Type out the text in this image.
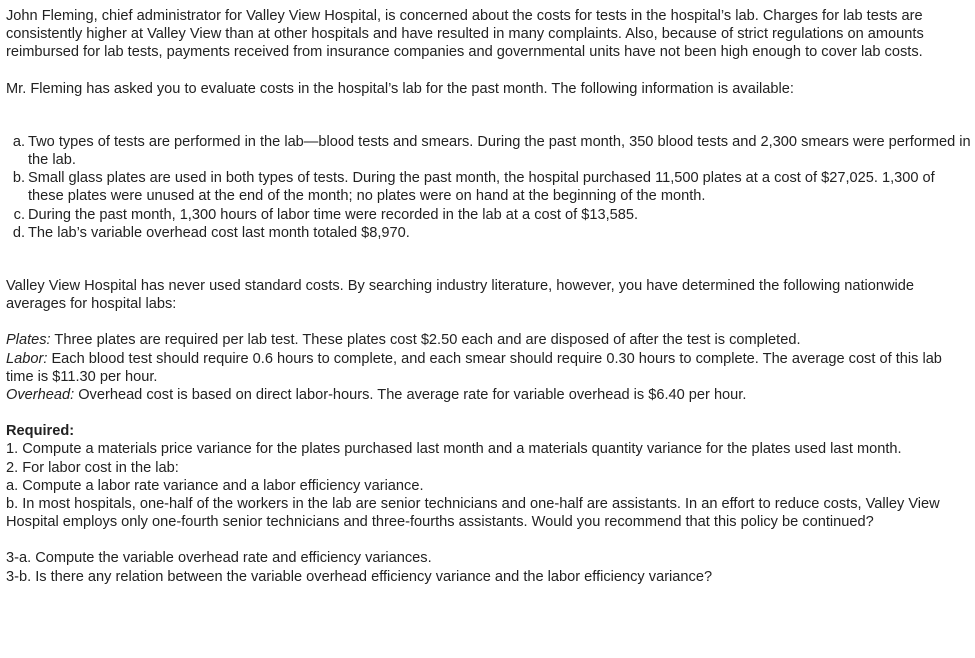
John Fleming, chief administrator for Valley View Hospital, is concerned about the costs for tests in the hospital’s lab. Charges for lab tests are consistently higher at Valley View than at other hospitals and have resulted in many complaints. Also, because of strict regulations on amounts reimbursed for lab tests, payments received from insurance companies and governmental units have not been high enough to cover lab costs.

Mr. Fleming has asked you to evaluate costs in the hospital’s lab for the past month. The following information is available:

a. Two types of tests are performed in the lab—blood tests and smears. During the past month, 350 blood tests and 2,300 smears were performed in the lab.
b. Small glass plates are used in both types of tests. During the past month, the hospital purchased 11,500 plates at a cost of $27,025. 1,300 of these plates were unused at the end of the month; no plates were on hand at the beginning of the month.
c. During the past month, 1,300 hours of labor time were recorded in the lab at a cost of $13,585.
d. The lab’s variable overhead cost last month totaled $8,970.

Valley View Hospital has never used standard costs. By searching industry literature, however, you have determined the following nationwide averages for hospital labs:

Plates: Three plates are required per lab test. These plates cost $2.50 each and are disposed of after the test is completed.

Labor: Each blood test should require 0.6 hours to complete, and each smear should require 0.30 hours to complete. The average cost of this lab time is $11.30 per hour.

Overhead: Overhead cost is based on direct labor-hours. The average rate for variable overhead is $6.40 per hour.

Required:

1. Compute a materials price variance for the plates purchased last month and a materials quantity variance for the plates used last month.

2. For labor cost in the lab:

a. Compute a labor rate variance and a labor efficiency variance.

b. In most hospitals, one-half of the workers in the lab are senior technicians and one-half are assistants. In an effort to reduce costs, Valley View Hospital employs only one-fourth senior technicians and three-fourths assistants. Would you recommend that this policy be continued?

3-a. Compute the variable overhead rate and efficiency variances.

3-b. Is there any relation between the variable overhead efficiency variance and the labor efficiency variance?
